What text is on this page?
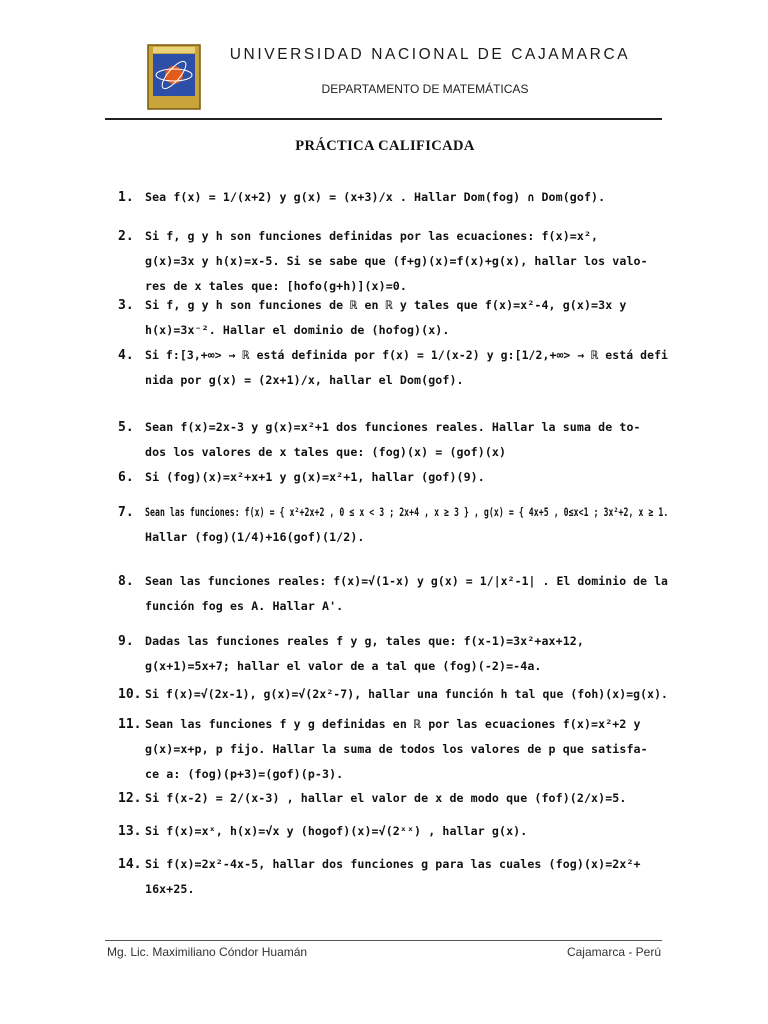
UNIVERSIDAD NACIONAL DE CAJAMARCA
DEPARTAMENTO DE MATEMÁTICAS
PRÁCTICA CALIFICADA
1. Sea f(x) = 1/(x+2) y g(x) = (x+3)/x . Hallar Dom(fog) ∩ Dom(gof).
2. Si f, g y h son funciones definidas por las ecuaciones: f(x)=x²,
g(x)=3x y h(x)=x-5. Si se sabe que (f+g)(x)=f(x)+g(x), hallar los valo-
res de x tales que: [hofo(g+h)](x)=0.
3. Si f, g y h son funciones de ℝ en ℝ y tales que f(x)=x²-4, g(x)=3x y
h(x)=3x⁻². Hallar el dominio de (hofog)(x).
4. Si f:[3,+∞> → ℝ está definida por f(x) = 1/(x-2) y g:[1/2,+∞> → ℝ está defi
nida por g(x) = (2x+1)/x, hallar el Dom(gof).
5. Sean f(x)=2x-3 y g(x)=x²+1 dos funciones reales. Hallar la suma de to-
dos los valores de x tales que: (fog)(x) = (gof)(x)
6. Si (fog)(x)=x²+x+1 y g(x)=x²+1, hallar (gof)(9).
7. Sean las funciones: f(x) = { x²+2x+2 , 0 ≤ x < 3 ; 2x+4 , x ≥ 3 } , g(x) = { 4x+5 , 0≤x<1 ; 3x²+2, x ≥ 1.
Hallar (fog)(1/4)+16(gof)(1/2).
8. Sean las funciones reales: f(x)=√(1-x) y g(x) = 1/|x²-1| . El dominio de la
función fog es A. Hallar A'.
9. Dadas las funciones reales f y g, tales que: f(x-1)=3x²+ax+12,
g(x+1)=5x+7; hallar el valor de a tal que (fog)(-2)=-4a.
10. Si f(x)=√(2x-1), g(x)=√(2x²-7), hallar una función h tal que (foh)(x)=g(x).
11. Sean las funciones f y g definidas en ℝ por las ecuaciones f(x)=x²+2 y
g(x)=x+p, p fijo. Hallar la suma de todos los valores de p que satisfa-
ce a: (fog)(p+3)=(gof)(p-3).
12. Si f(x-2) = 2/(x-3) , hallar el valor de x de modo que (fof)(2/x)=5.
13. Si f(x)=xˣ, h(x)=√x y (hogof)(x)=√(2ˣˣ) , hallar g(x).
14. Si f(x)=2x²-4x-5, hallar dos funciones g para las cuales (fog)(x)=2x²+
16x+25.
Mg. Lic. Maximiliano Cóndor Huamán	Cajamarca - Perú
